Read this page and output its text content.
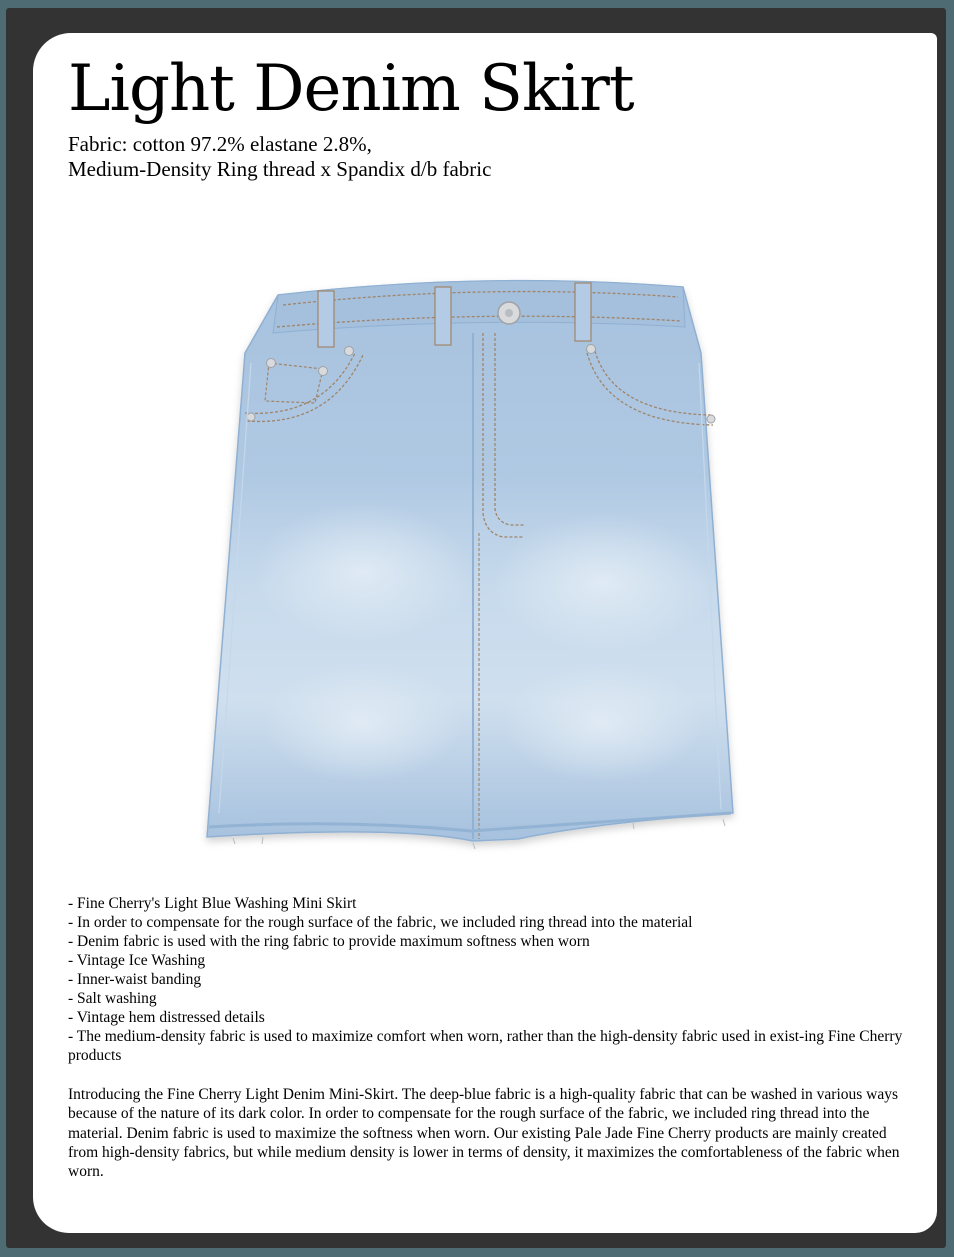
Light Denim Skirt
Fabric: cotton 97.2% elastane 2.8%,
Medium-Density Ring thread x Spandix d/b fabric
- Fine Cherry's Light Blue Washing Mini Skirt
- In order to compensate for the rough surface of the fabric, we included ring thread into the material
- Denim fabric is used with the ring fabric to provide maximum softness when worn
- Vintage Ice Washing
- Inner-waist banding
- Salt washing
- Vintage hem distressed details
- The medium-density fabric is used to maximize comfort when worn, rather than the high-density fabric used in exist-ing Fine Cherry products

Introducing the Fine Cherry Light Denim Mini-Skirt. The deep-blue fabric is a high-quality fabric that can be washed in various ways because of the nature of its dark color. In order to compensate for the rough surface of the fabric, we included ring thread into the material. Denim fabric is used to maximize the softness when worn. Our existing Pale Jade Fine Cherry products are mainly created from high-density fabrics, but while medium density is lower in terms of density, it maximizes the comfortableness of the fabric when worn.
